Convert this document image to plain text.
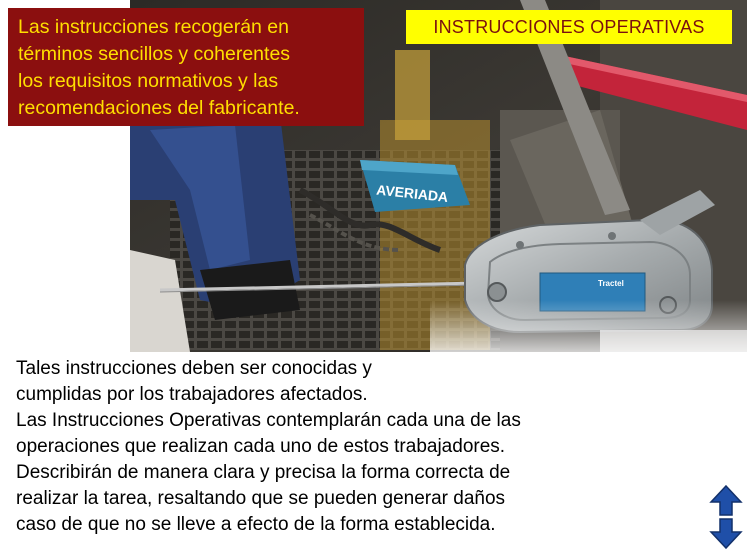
AVERIADA
Tractel
Las instrucciones recogerán en
términos sencillos y coherentes
los requisitos normativos y las
recomendaciones del fabricante.
INSTRUCCIONES OPERATIVAS

Tales instrucciones deben ser conocidas y

cumplidas por los trabajadores afectados.

Las Instrucciones Operativas contemplarán cada una de las

operaciones que realizan cada uno de estos trabajadores.

Describirán de manera clara y precisa la forma correcta de

realizar la tarea, resaltando que se pueden generar daños

caso de que no se lleve a efecto de la forma establecida.
